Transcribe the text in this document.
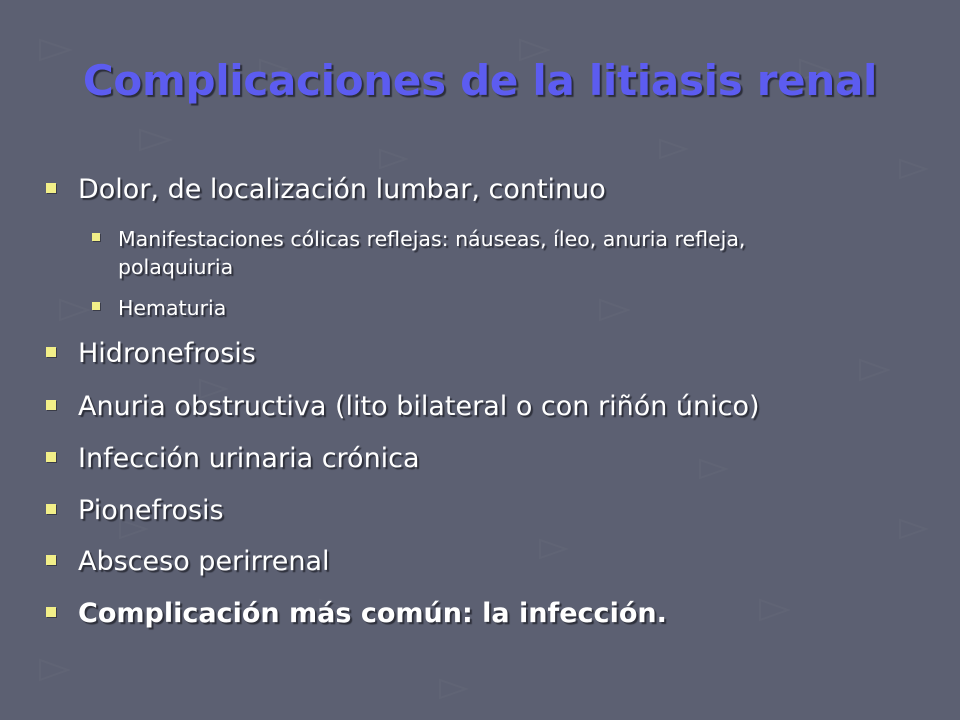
Complicaciones de la litiasis renal
Dolor, de localización lumbar, continuo
Manifestaciones cólicas reflejas: náuseas, íleo, anuria refleja, polaquiuria
Hematuria
Hidronefrosis
Anuria obstructiva (lito bilateral o con riñón único)
Infección urinaria crónica
Pionefrosis
Absceso perirrenal
Complicación más común: la infección.
